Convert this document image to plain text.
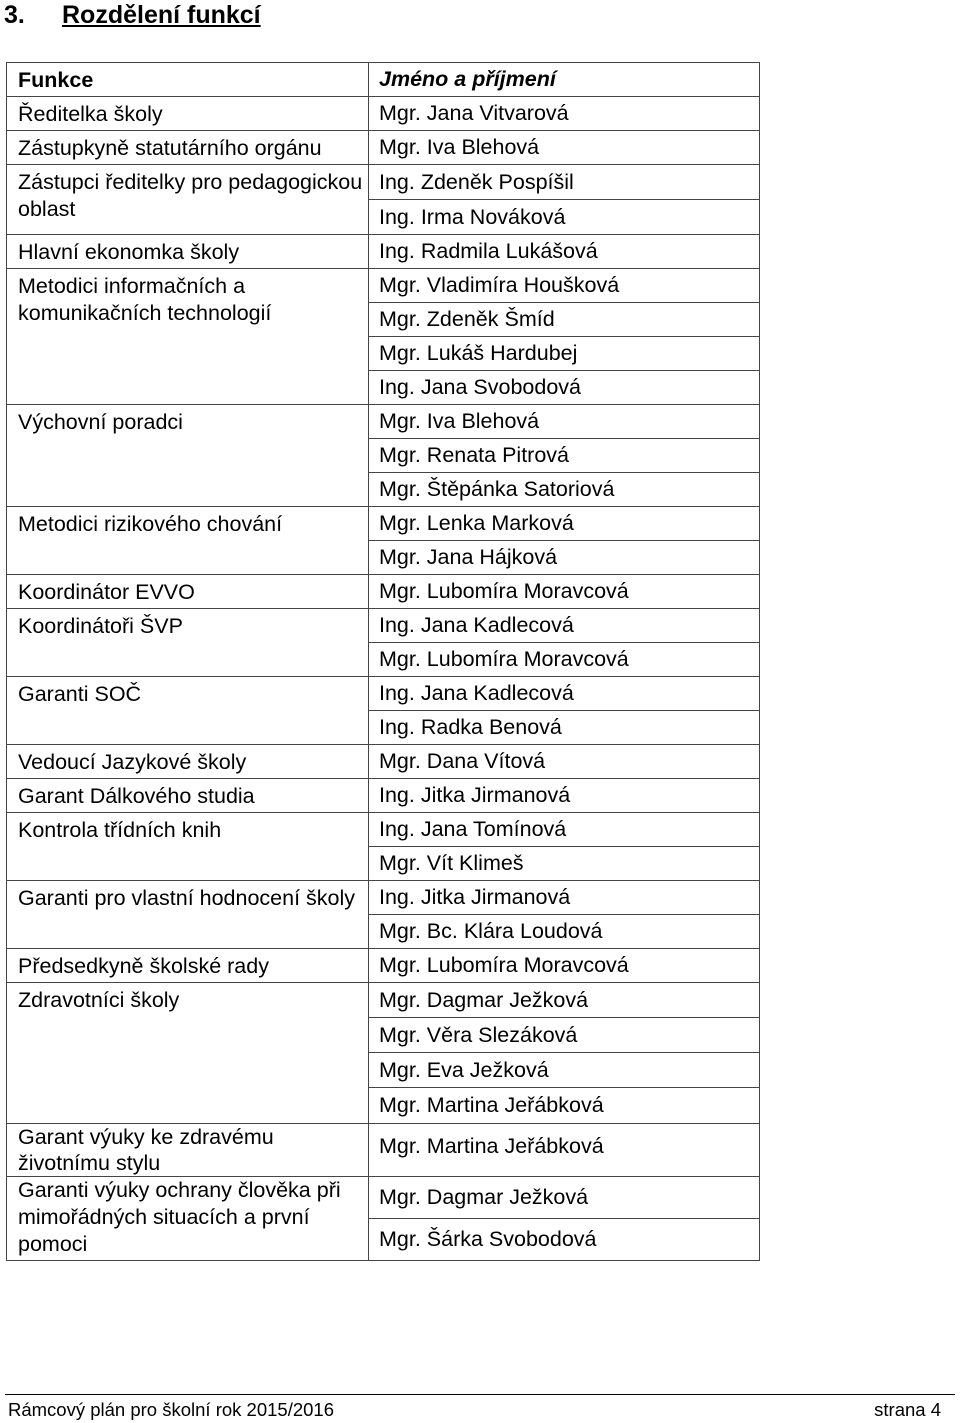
3. Rozdělení funkcí
Funkce	Jméno a příjmení

Ředitelka školy	Mgr. Jana Vitvarová

Zástupkyně statutárního orgánu	Mgr. Iva Blehová

Zástupci ředitelky pro pedagogickou oblast	Ing. Zdeněk Pospíšil
	Ing. Irma Nováková

Hlavní ekonomka školy	Ing. Radmila Lukášová

Metodici informačních a komunikačních technologií	Mgr. Vladimíra Houšková
	Mgr. Zdeněk Šmíd
	Mgr. Lukáš Hardubej
	Ing. Jana Svobodová

Výchovní poradci	Mgr. Iva Blehová
	Mgr. Renata Pitrová
	Mgr. Štěpánka Satoriová

Metodici rizikového chování	Mgr. Lenka Marková
	Mgr. Jana Hájková

Koordinátor EVVO	Mgr. Lubomíra Moravcová

Koordinátoři ŠVP	Ing. Jana Kadlecová
	Mgr. Lubomíra Moravcová

Garanti SOČ	Ing. Jana Kadlecová
	Ing. Radka Benová

Vedoucí Jazykové školy	Mgr. Dana Vítová

Garant Dálkového studia	Ing. Jitka Jirmanová

Kontrola třídních knih	Ing. Jana Tomínová
	Mgr. Vít Klimeš

Garanti pro vlastní hodnocení školy	Ing. Jitka Jirmanová
	Mgr. Bc. Klára Loudová

Předsedkyně školské rady	Mgr. Lubomíra Moravcová

Zdravotníci školy	Mgr. Dagmar Ježková
	Mgr. Věra Slezáková
	Mgr. Eva Ježková
	Mgr. Martina Jeřábková

Garant výuky ke zdravému životnímu stylu	Mgr. Martina Jeřábková

Garanti výuky ochrany člověka při mimořádných situacích a první pomoci	Mgr. Dagmar Ježková
	Mgr. Šárka Svobodová
Rámcový plán pro školní rok 2015/2016	strana 4
